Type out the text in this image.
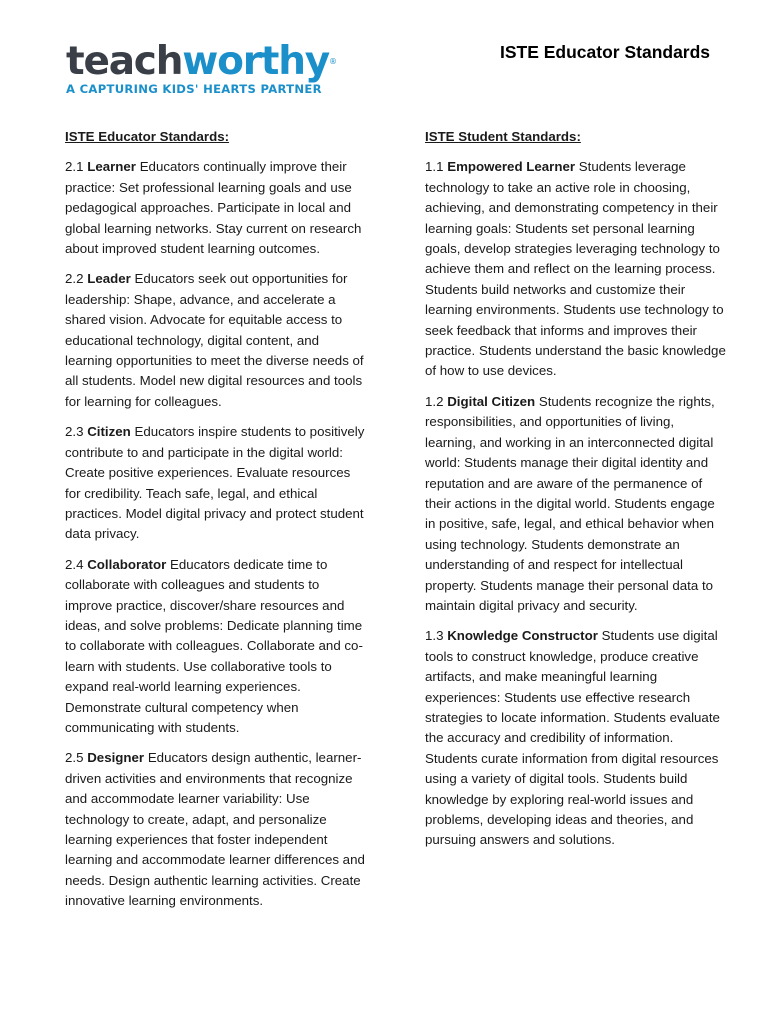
teachworthy®
A CAPTURING KIDS' HEARTS PARTNER
ISTE Educator Standards
ISTE Educator Standards:
2.1 Learner Educators continually improve their practice: Set professional learning goals and use pedagogical approaches. Participate in local and global learning networks. Stay current on research about improved student learning outcomes.
2.2 Leader Educators seek out opportunities for leadership: Shape, advance, and accelerate a shared vision. Advocate for equitable access to educational technology, digital content, and learning opportunities to meet the diverse needs of all students. Model new digital resources and tools for learning for colleagues.
2.3 Citizen Educators inspire students to positively contribute to and participate in the digital world: Create positive experiences. Evaluate resources for credibility. Teach safe, legal, and ethical practices. Model digital privacy and protect student data privacy.
2.4 Collaborator Educators dedicate time to collaborate with colleagues and students to improve practice, discover/share resources and ideas, and solve problems: Dedicate planning time to collaborate with colleagues. Collaborate and co-learn with students. Use collaborative tools to expand real-world learning experiences. Demonstrate cultural competency when communicating with students.
2.5 Designer Educators design authentic, learner-driven activities and environments that recognize and accommodate learner variability: Use technology to create, adapt, and personalize learning experiences that foster independent learning and accommodate learner differences and needs. Design authentic learning activities. Create innovative learning environments.
ISTE Student Standards:
1.1 Empowered Learner Students leverage technology to take an active role in choosing, achieving, and demonstrating competency in their learning goals: Students set personal learning goals, develop strategies leveraging technology to achieve them and reflect on the learning process. Students build networks and customize their learning environments. Students use technology to seek feedback that informs and improves their practice. Students understand the basic knowledge of how to use devices.
1.2 Digital Citizen Students recognize the rights, responsibilities, and opportunities of living, learning, and working in an interconnected digital world: Students manage their digital identity and reputation and are aware of the permanence of their actions in the digital world. Students engage in positive, safe, legal, and ethical behavior when using technology. Students demonstrate an understanding of and respect for intellectual property. Students manage their personal data to maintain digital privacy and security.
1.3 Knowledge Constructor Students use digital tools to construct knowledge, produce creative artifacts, and make meaningful learning experiences: Students use effective research strategies to locate information. Students evaluate the accuracy and credibility of information. Students curate information from digital resources using a variety of digital tools. Students build knowledge by exploring real-world issues and problems, developing ideas and theories, and pursuing answers and solutions.
